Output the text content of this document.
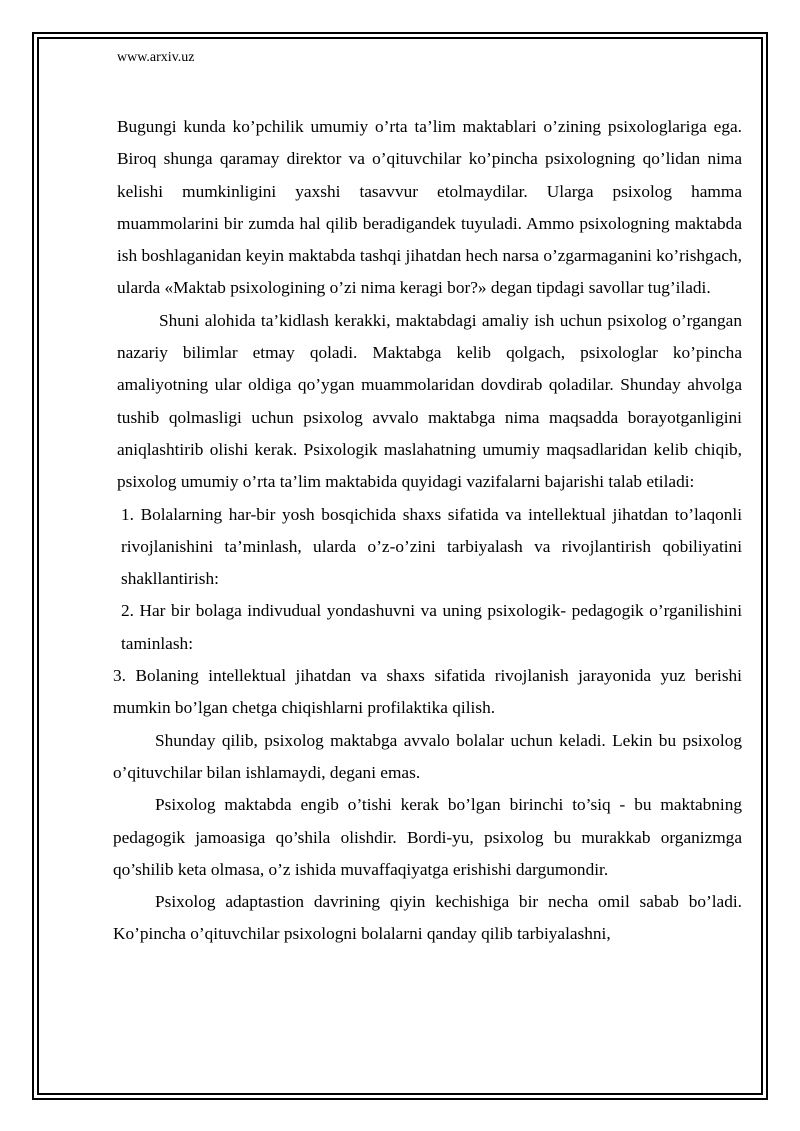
www.arxiv.uz

Bugungi kunda ko’pchilik umumiy o’rta ta’lim maktablari o’zining psixologlariga ega. Biroq shunga qaramay direktor va o’qituvchilar ko’pincha psixologning qo’lidan nima kelishi mumkinligini yaxshi tasavvur etolmaydilar. Ularga psixolog hamma muammolarini bir zumda hal qilib beradigandek tuyuladi. Ammo psixologning maktabda ish boshlaganidan keyin maktabda tashqi jihatdan hech narsa o’zgarmaganini ko’rishgach, ularda «Maktab psixologining o’zi nima keragi bor?» degan tipdagi savollar tug’iladi.

Shuni alohida ta’kidlash kerakki, maktabdagi amaliy ish uchun psixolog o’rgangan nazariy bilimlar etmay qoladi. Maktabga kelib qolgach, psixologlar ko’pincha amaliyotning ular oldiga qo’ygan muammolaridan dovdirab qoladilar. Shunday ahvolga tushib qolmasligi uchun psixolog avvalo maktabga nima maqsadda borayotganligini aniqlashtirib olishi kerak. Psixologik maslahatning umumiy maqsadlaridan kelib chiqib, psixolog umumiy o’rta ta’lim maktabida quyidagi vazifalarni bajarishi talab etiladi:

1. Bolalarning har-bir yosh bosqichida shaxs sifatida va intellektual jihatdan to’laqonli rivojlanishini ta’minlash, ularda o’z-o’zini tarbiyalash va rivojlantirish qobiliyatini shakllantirish:

2. Har bir bolaga indivudual yondashuvni va uning psixologik- pedagogik o’rganilishini taminlash:

3. Bolaning intellektual jihatdan va shaxs sifatida rivojlanish jarayonida yuz berishi mumkin bo’lgan chetga chiqishlarni profilaktika qilish.

Shunday qilib, psixolog maktabga avvalo bolalar uchun keladi. Lekin bu psixolog o’qituvchilar bilan ishlamaydi, degani emas.

Psixolog maktabda engib o’tishi kerak bo’lgan birinchi to’siq - bu maktabning pedagogik jamoasiga qo’shila olishdir. Bordi-yu, psixolog bu murakkab organizmga qo’shilib keta olmasa, o’z ishida muvaffaqiyatga erishishi dargumondir.

Psixolog adaptastion davrining qiyin kechishiga bir necha omil sabab bo’ladi. Ko’pincha o’qituvchilar psixologni bolalarni qanday qilib tarbiyalashni,
